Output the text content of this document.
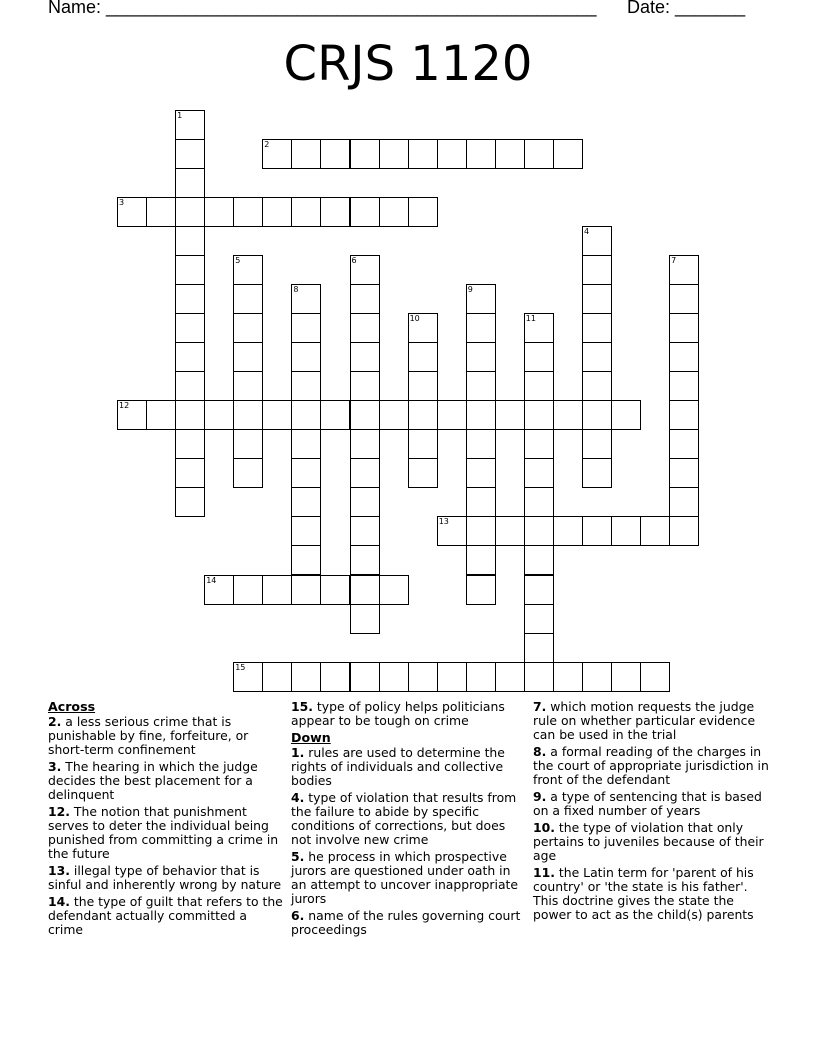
Name: _________________________________________________ Date: _______
CRJS 1120
1
2
3
4
5	6	7
8	9
10	11
12
13
14
15
Across
2. a less serious crime that is punishable by fine, forfeiture, or short-term confinement
3. The hearing in which the judge decides the best placement for a delinquent
12. The notion that punishment serves to deter the individual being punished from committing a crime in the future
13. illegal type of behavior that is sinful and inherently wrong by nature
14. the type of guilt that refers to the defendant actually committed a crime
15. type of policy helps politicians appear to be tough on crime
Down
1. rules are used to determine the rights of individuals and collective bodies
4. type of violation that results from the failure to abide by specific conditions of corrections, but does not involve new crime
5. he process in which prospective jurors are questioned under oath in an attempt to uncover inappropriate jurors
6. name of the rules governing court proceedings
7. which motion requests the judge rule on whether particular evidence can be used in the trial
8. a formal reading of the charges in the court of appropriate jurisdiction in front of the defendant
9. a type of sentencing that is based on a fixed number of years
10. the type of violation that only pertains to juveniles because of their age
11. the Latin term for 'parent of his country' or 'the state is his father'. This doctrine gives the state the power to act as the child(s) parents
